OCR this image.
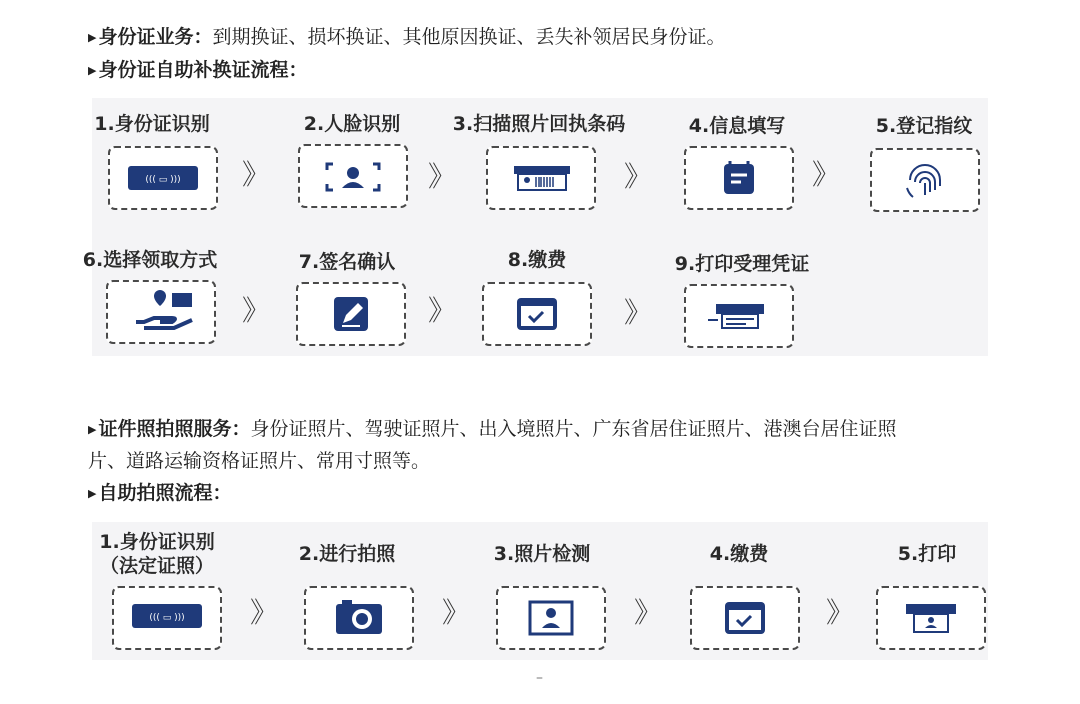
▶ 身份证业务：到期换证、损坏换证、其他原因换证、丢失补领居民身份证。
▶ 身份证自助补换证流程：
1.身份证识别	2.人脸识别	3.扫描照片回执条码	4.信息填写	5.登记指纹
((( ▭ ))) 》	》	》	》
6.选择领取方式	7.签名确认	8.缴费	9.打印受理凭证
》	》	》
▶ 证件照拍照服务：身份证照片、驾驶证照片、出入境照片、广东省居住证照片、港澳台居住证照
片、道路运输资格证照片、常用寸照等。
▶ 自助拍照流程：
1.身份证识别
（法定证照）
2.进行拍照	3.照片检测	4.缴费	5.打印
((( ▭ ))) 》	》	》	》
–
